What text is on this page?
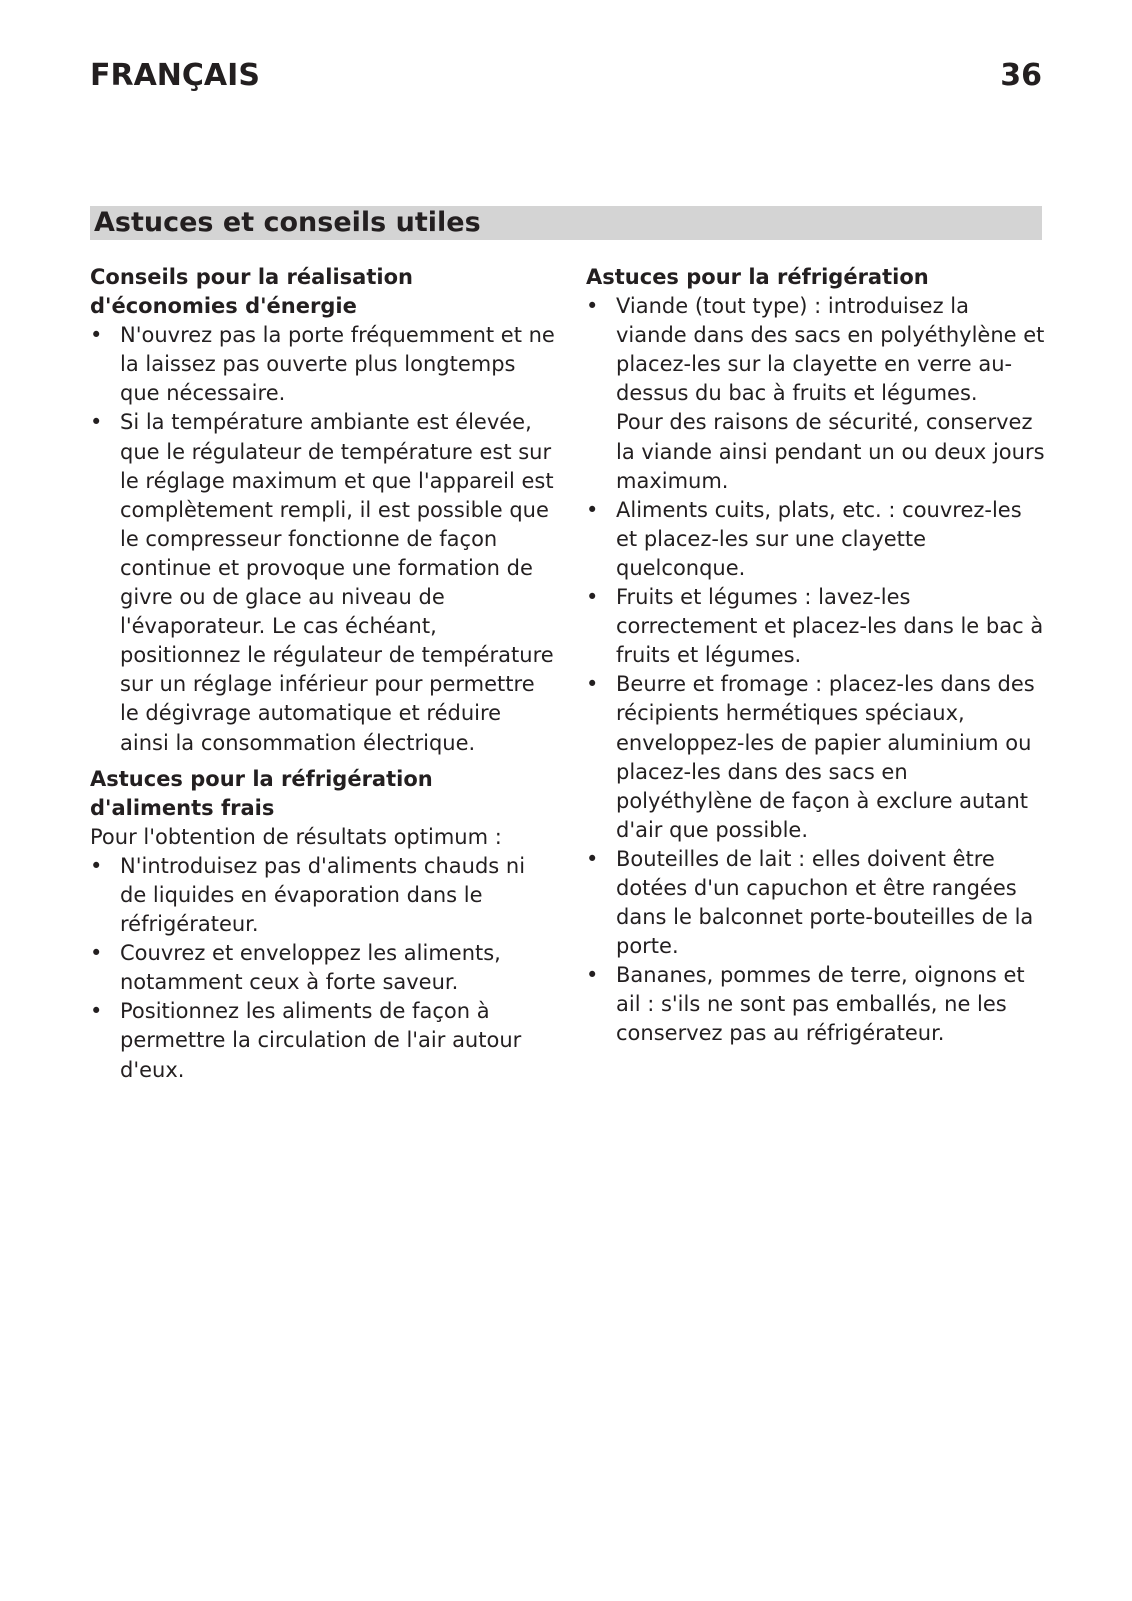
FRANÇAIS	36
Astuces et conseils utiles

Conseils pour la réalisation d'économies d'énergie

• N'ouvrez pas la porte fréquemment et ne la laissez pas ouverte plus longtemps que nécessaire.
• Si la température ambiante est élevée, que le régulateur de température est sur le réglage maximum et que l'appareil est complètement rempli, il est possible que le compresseur fonctionne de façon continue et provoque une formation de givre ou de glace au niveau de l'évaporateur. Le cas échéant, positionnez le régulateur de température sur un réglage inférieur pour permettre le dégivrage automatique et réduire ainsi la consommation électrique.

Astuces pour la réfrigération d'aliments frais

Pour l'obtention de résultats optimum :

• N'introduisez pas d'aliments chauds ni de liquides en évaporation dans le réfrigérateur.
• Couvrez et enveloppez les aliments, notamment ceux à forte saveur.
• Positionnez les aliments de façon à permettre la circulation de l'air autour d'eux.

Astuces pour la réfrigération

• Viande (tout type) : introduisez la viande dans des sacs en polyéthylène et placez-les sur la clayette en verre au-dessus du bac à fruits et légumes.
Pour des raisons de sécurité, conservez la viande ainsi pendant un ou deux jours maximum.
• Aliments cuits, plats, etc. : couvrez-les et placez-les sur une clayette quelconque.
• Fruits et légumes : lavez-les correctement et placez-les dans le bac à fruits et légumes.
• Beurre et fromage : placez-les dans des récipients hermétiques spéciaux, enveloppez-les de papier aluminium ou placez-les dans des sacs en polyéthylène de façon à exclure autant d'air que possible.
• Bouteilles de lait : elles doivent être dotées d'un capuchon et être rangées dans le balconnet porte-bouteilles de la porte.
• Bananes, pommes de terre, oignons et ail : s'ils ne sont pas emballés, ne les conservez pas au réfrigérateur.
